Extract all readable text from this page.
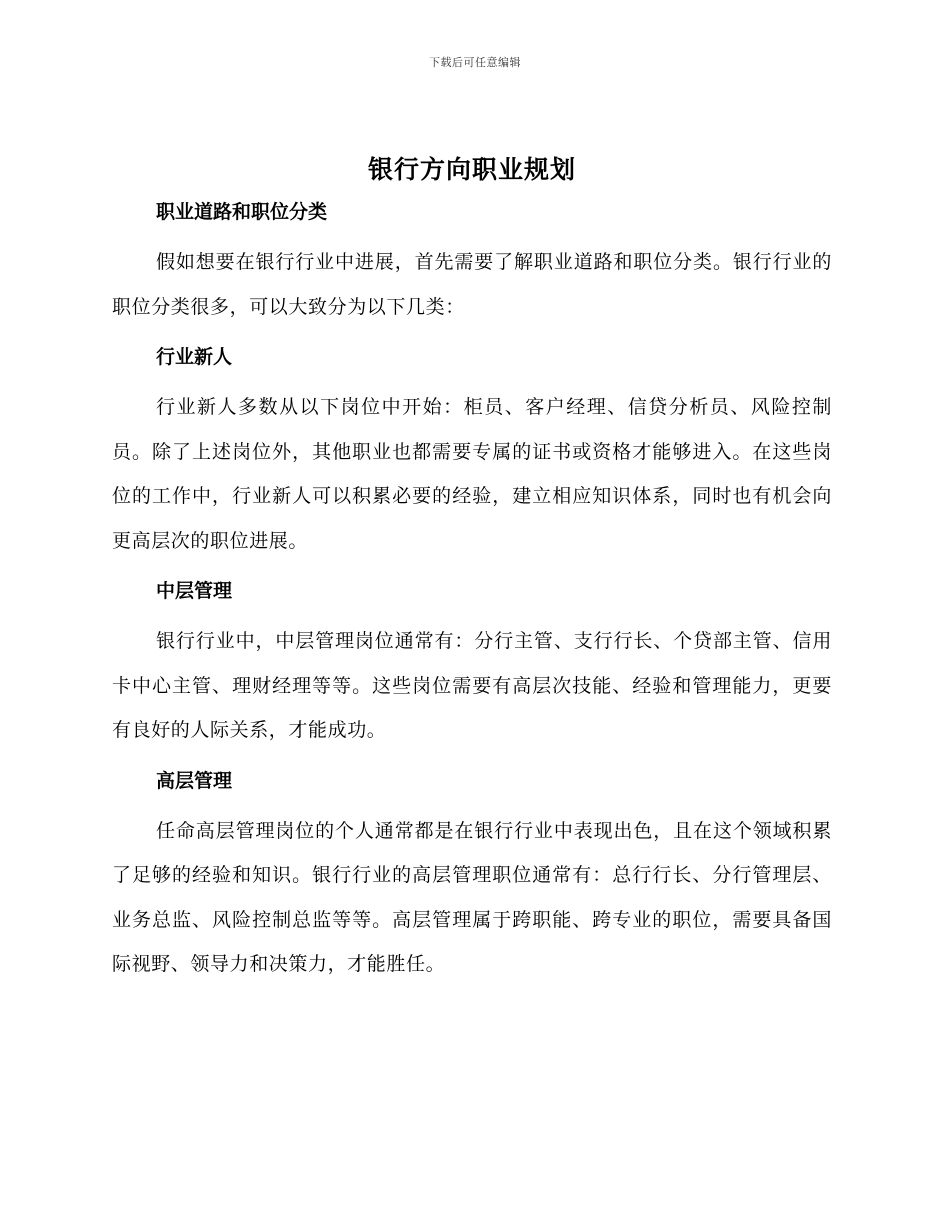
下载后可任意编辑
银行方向职业规划
职业道路和职位分类

假如想要在银行行业中进展，首先需要了解职业道路和职位分类。银行行业的职位分类很多，可以大致分为以下几类：

行业新人

行业新人多数从以下岗位中开始：柜员、客户经理、信贷分析员、风险控制员。除了上述岗位外，其他职业也都需要专属的证书或资格才能够进入。在这些岗位的工作中，行业新人可以积累必要的经验，建立相应知识体系，同时也有机会向更高层次的职位进展。

中层管理

银行行业中，中层管理岗位通常有：分行主管、支行行长、个贷部主管、信用卡中心主管、理财经理等等。这些岗位需要有高层次技能、经验和管理能力，更要有良好的人际关系，才能成功。

高层管理

任命高层管理岗位的个人通常都是在银行行业中表现出色，且在这个领域积累了足够的经验和知识。银行行业的高层管理职位通常有：总行行长、分行管理层、业务总监、风险控制总监等等。高层管理属于跨职能、跨专业的职位，需要具备国际视野、领导力和决策力，才能胜任。
